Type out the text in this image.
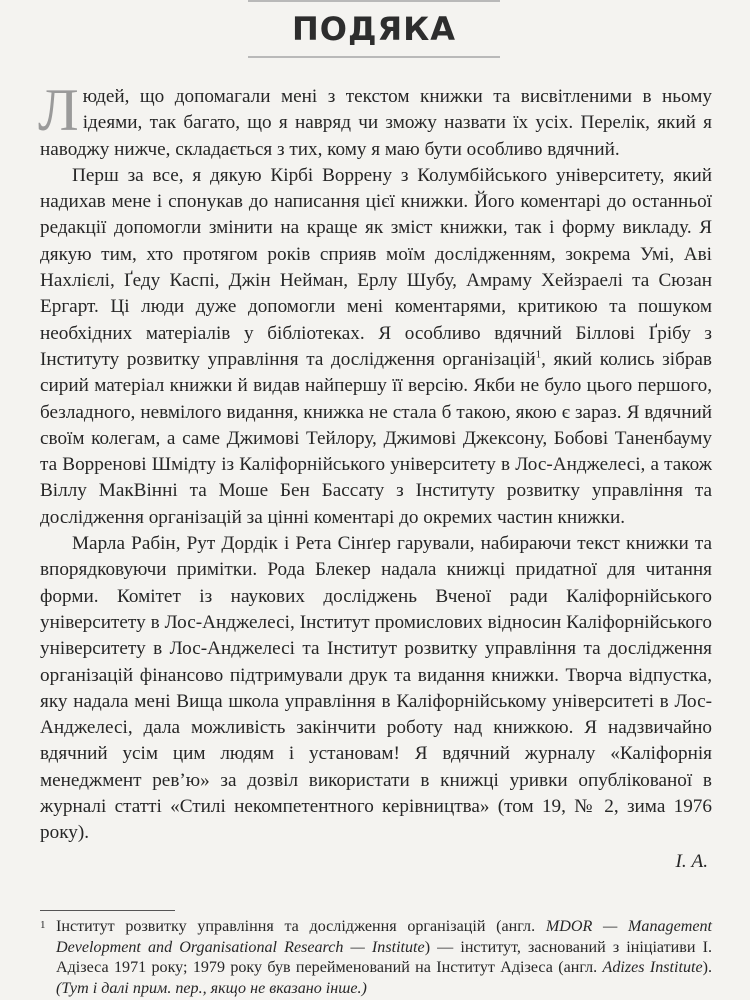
ПОДЯКА

Людей, що допомагали мені з текстом книжки та висвітленими в ньому ідеями, так багато, що я навряд чи зможу назвати їх усіх. Перелік, який я наводжу нижче, складається з тих, кому я маю бути особливо вдячний.

Перш за все, я дякую Кірбі Воррену з Колумбійського університету, який надихав мене і спонукав до написання цієї книжки. Його коментарі до останньої редакції допомогли змінити на краще як зміст книжки, так і форму викладу. Я дякую тим, хто протягом років сприяв моїм дослідженням, зокрема Умі, Аві Нахлієлі, Ґеду Каспі, Джін Нейман, Ерлу Шубу, Амраму Хейзраелі та Сюзан Ергарт. Ці люди дуже допомогли мені коментарями, критикою та пошуком необхідних матеріалів у бібліотеках. Я особливо вдячний Біллові Ґрібу з Інституту розвитку управління та дослідження організацій$^1$, який колись зібрав сирий матеріал книжки й видав найпершу її версію. Якби не було цього першого, безладного, невмілого видання, книжка не стала б такою, якою є зараз. Я вдячний своїм колегам, а саме Джимові Тейлору, Джимові Джексону, Бобові Таненбауму та Ворренові Шмідту із Каліфорнійського університету в Лос-Анджелесі, а також Віллу МакВінні та Моше Бен Бассату з Інституту розвитку управління та дослідження організацій за цінні коментарі до окремих частин книжки.

Марла Рабін, Рут Дордік і Рета Сінґер гарували, набираючи текст книжки та впорядковуючи примітки. Рода Блекер надала книжці придатної для читання форми. Комітет із наукових досліджень Вченої ради Каліфорнійського університету в Лос-Анджелесі, Інститут промислових відносин Каліфорнійського університету в Лос-Анджелесі та Інститут розвитку управління та дослідження організацій фінансово підтримували друк та видання книжки. Творча відпустка, яку надала мені Вища школа управління в Каліфорнійському університеті в Лос-Анджелесі, дала можливість закінчити роботу над книжкою. Я надзвичайно вдячний усім цим людям і установам! Я вдячний журналу «Каліфорнія менеджмент рев’ю» за дозвіл використати в книжці уривки опублікованої в журналі статті «Стилі некомпетентного керівництва» (том 19, № 2, зима 1976 року).

І. А.
1 Інститут розвитку управління та дослідження організацій (англ. MDOR — Management Development and Organisational Research — Institute) — інститут, заснований з ініціативи І. Адізеса 1971 року; 1979 року був перейменований на Інститут Адізеса (англ. Adizes Institute). (Тут і далі прим. пер., якщо не вказано інше.)
